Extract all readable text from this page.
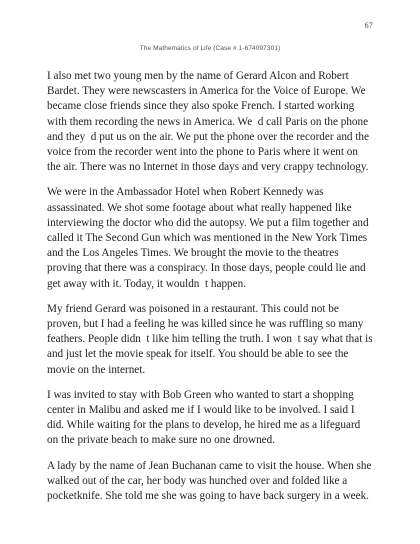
67
The Mathematics of Life (Case # 1-674097301)

I also met two young men by the name of Gerard Alcon and Robert
Bardet. They were newscasters in America for the Voice of Europe. We
became close friends since they also spoke French. I started working
with them recording the news in America. We d call Paris on the phone
and they d put us on the air. We put the phone over the recorder and the
voice from the recorder went into the phone to Paris where it went on
the air. There was no Internet in those days and very crappy technology.

We were in the Ambassador Hotel when Robert Kennedy was
assassinated. We shot some footage about what really happened like
interviewing the doctor who did the autopsy. We put a film together and
called it The Second Gun which was mentioned in the New York Times
and the Los Angeles Times. We brought the movie to the theatres
proving that there was a conspiracy. In those days, people could lie and
get away with it. Today, it wouldn t happen.

My friend Gerard was poisoned in a restaurant. This could not be
proven, but I had a feeling he was killed since he was ruffling so many
feathers. People didn t like him telling the truth. I won t say what that is
and just let the movie speak for itself. You should be able to see the
movie on the internet.

I was invited to stay with Bob Green who wanted to start a shopping
center in Malibu and asked me if I would like to be involved. I said I
did. While waiting for the plans to develop, he hired me as a lifeguard
on the private beach to make sure no one drowned.

A lady by the name of Jean Buchanan came to visit the house. When she
walked out of the car, her body was hunched over and folded like a
pocketknife. She told me she was going to have back surgery in a week.
